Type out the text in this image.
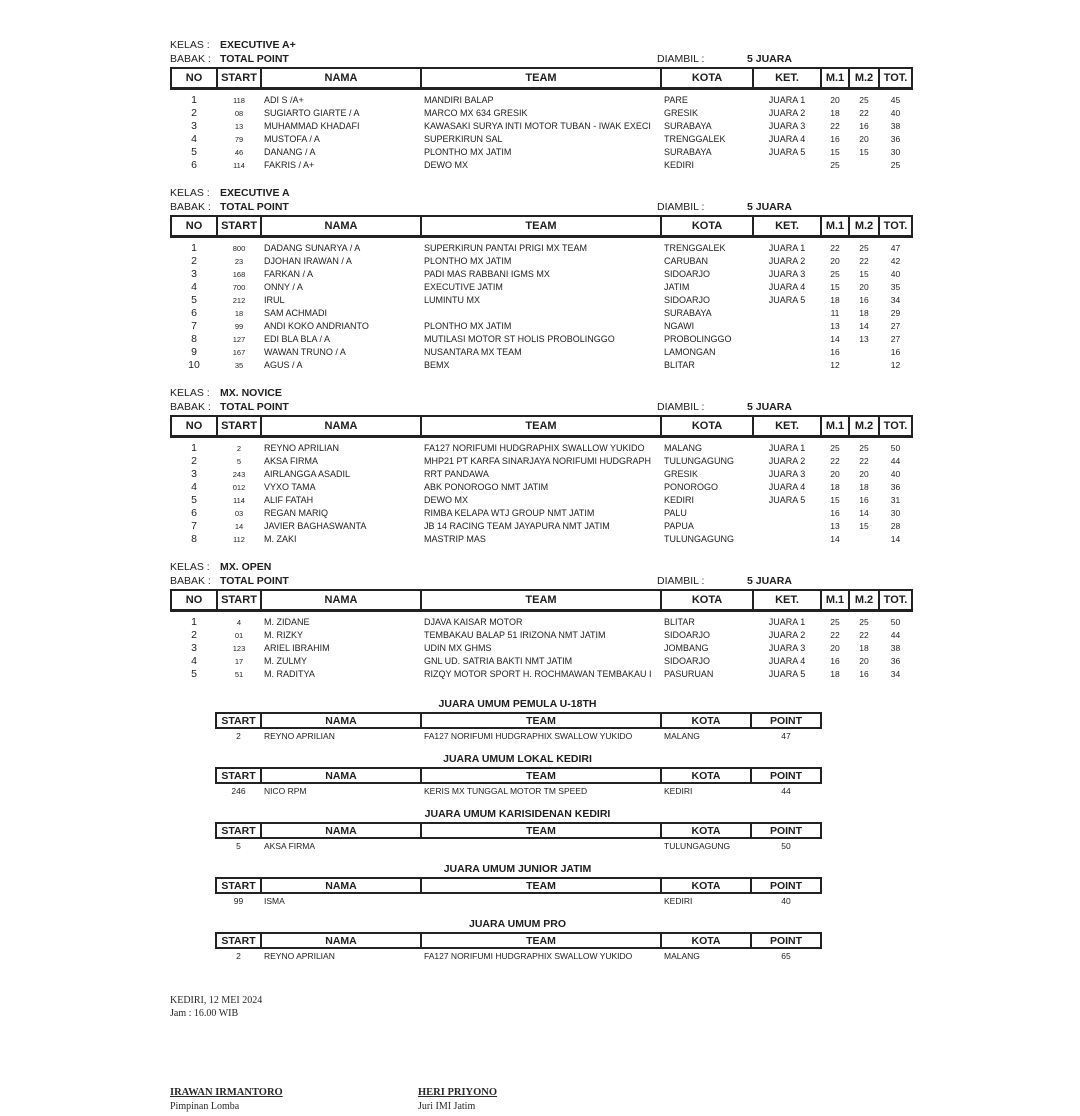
KELAS : EXECUTIVE A+
BABAK : TOTAL POINT	DIAMBIL :	5 JUARA
NO	START	NAMA	TEAM	KOTA	KET.	M.1	M.2	TOT.
1	118	ADI S /A+	MANDIRI BALAP	PARE	JUARA 1	20	25	45
2	08	SUGIARTO GIARTE / A	MARCO MX 634 GRESIK	GRESIK	JUARA 2	18	22	40
3	13	MUHAMMAD KHADAFI	KAWASAKI SURYA INTI MOTOR TUBAN - IWAK EXECI	SURABAYA	JUARA 3	22	16	38
4	79	MUSTOFA / A	SUPERKIRUN SAL	TRENGGALEK	JUARA 4	16	20	36
5	46	DANANG / A	PLONTHO MX JATIM	SURABAYA	JUARA 5	15	15	30
6	114	FAKRIS / A+	DEWO MX	KEDIRI		25		25
KELAS : EXECUTIVE A
BABAK : TOTAL POINT	DIAMBIL :	5 JUARA
NO	START	NAMA	TEAM	KOTA	KET.	M.1	M.2	TOT.
1	800	DADANG SUNARYA / A	SUPERKIRUN PANTAI PRIGI MX TEAM	TRENGGALEK	JUARA 1	22	25	47
2	23	DJOHAN IRAWAN / A	PLONTHO MX JATIM	CARUBAN	JUARA 2	20	22	42
3	168	FARKAN / A	PADI MAS RABBANI IGMS MX	SIDOARJO	JUARA 3	25	15	40
4	700	ONNY / A	EXECUTIVE JATIM	JATIM	JUARA 4	15	20	35
5	212	IRUL	LUMINTU MX	SIDOARJO	JUARA 5	18	16	34
6	18	SAM ACHMADI		SURABAYA		11	18	29
7	99	ANDI KOKO ANDRIANTO	PLONTHO MX JATIM	NGAWI		13	14	27
8	127	EDI BLA BLA / A	MUTILASI MOTOR ST HOLIS PROBOLINGGO	PROBOLINGGO		14	13	27
9	167	WAWAN TRUNO / A	NUSANTARA MX TEAM	LAMONGAN		16		16
10	35	AGUS / A	BEMX	BLITAR		12		12
KELAS : MX. NOVICE
BABAK : TOTAL POINT	DIAMBIL :	5 JUARA
NO	START	NAMA	TEAM	KOTA	KET.	M.1	M.2	TOT.
1	2	REYNO APRILIAN	FA127 NORIFUMI HUDGRAPHIX SWALLOW YUKIDO	MALANG	JUARA 1	25	25	50
2	5	AKSA FIRMA	MHP21 PT KARFA SINARJAYA NORIFUMI HUDGRAPH	TULUNGAGUNG	JUARA 2	22	22	44
3	243	AIRLANGGA ASADIL	RRT PANDAWA	GRESIK	JUARA 3	20	20	40
4	012	VYXO TAMA	ABK PONOROGO NMT JATIM	PONOROGO	JUARA 4	18	18	36
5	114	ALIF FATAH	DEWO MX	KEDIRI	JUARA 5	15	16	31
6	03	REGAN MARIQ	RIMBA KELAPA WTJ GROUP NMT JATIM	PALU		16	14	30
7	14	JAVIER BAGHASWANTA	JB 14 RACING TEAM JAYAPURA NMT JATIM	PAPUA		13	15	28
8	112	M. ZAKI	MASTRIP MAS	TULUNGAGUNG		14		14
KELAS : MX. OPEN
BABAK : TOTAL POINT	DIAMBIL :	5 JUARA
NO	START	NAMA	TEAM	KOTA	KET.	M.1	M.2	TOT.
1	4	M. ZIDANE	DJAVA KAISAR MOTOR	BLITAR	JUARA 1	25	25	50
2	01	M. RIZKY	TEMBAKAU BALAP 51 IRIZONA NMT JATIM	SIDOARJO	JUARA 2	22	22	44
3	123	ARIEL IBRAHIM	UDIN MX GHMS	JOMBANG	JUARA 3	20	18	38
4	17	M. ZULMY	GNL UD. SATRIA BAKTI NMT JATIM	SIDOARJO	JUARA 4	16	20	36
5	51	M. RADITYA	RIZQY MOTOR SPORT H. ROCHMAWAN TEMBAKAU I	PASURUAN	JUARA 5	18	16	34
JUARA UMUM PEMULA U-18TH
START	NAMA	TEAM	KOTA	POINT
2	REYNO APRILIAN	FA127 NORIFUMI HUDGRAPHIX SWALLOW YUKIDO	MALANG	47
JUARA UMUM LOKAL KEDIRI
START	NAMA	TEAM	KOTA	POINT
246	NICO RPM	KERIS MX TUNGGAL MOTOR TM SPEED	KEDIRI	44
JUARA UMUM KARISIDENAN KEDIRI
START	NAMA	TEAM	KOTA	POINT
5	AKSA FIRMA		TULUNGAGUNG	50
JUARA UMUM JUNIOR JATIM
START	NAMA	TEAM	KOTA	POINT
99	ISMA		KEDIRI	40
JUARA UMUM PRO
START	NAMA	TEAM	KOTA	POINT
2	REYNO APRILIAN	FA127 NORIFUMI HUDGRAPHIX SWALLOW YUKIDO	MALANG	65
KEDIRI, 12 MEI 2024
Jam : 16.00 WIB
IRAWAN IRMANTORO
Pimpinan Lomba
HERI PRIYONO
Juri IMI Jatim
